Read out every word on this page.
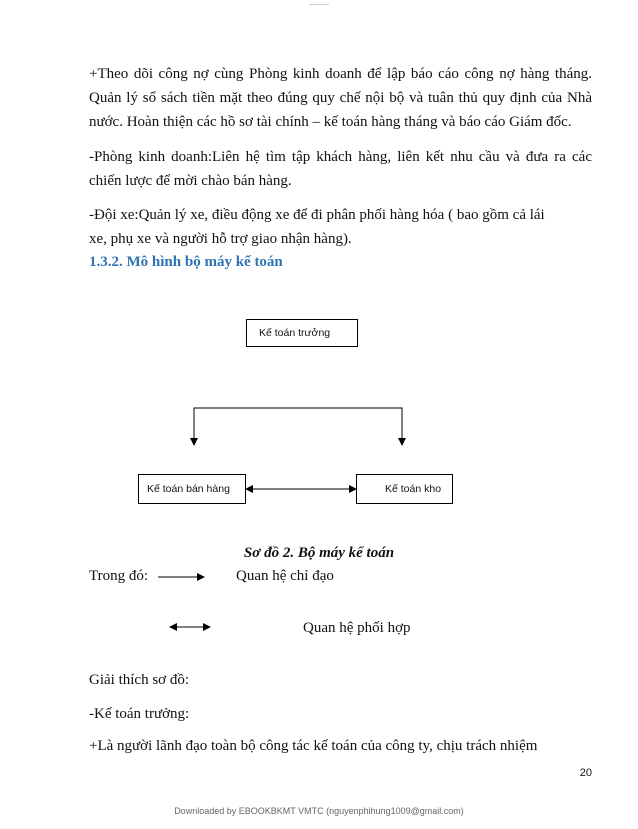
+Theo dõi công nợ cùng Phòng kinh doanh để lập báo cáo công nợ hàng tháng. Quản lý sổ sách tiền mặt theo đúng quy chế nội bộ và tuân thủ quy định của Nhà nước. Hoàn thiện các hồ sơ tài chính – kế toán hàng tháng và báo cáo Giám đốc.

-Phòng kinh doanh:Liên hệ tìm tập khách hàng, liên kết nhu cầu và đưa ra các chiến lược để mời chào bán hàng.

-Đội xe:Quản lý xe, điều động xe để đi phân phối hàng hóa ( bao gồm cả lái

xe, phụ xe và người hỗ trợ giao nhận hàng).

1.3.2. Mô hình bộ máy kế toán
Kế toán trưởng
Kế toán bán hàng	Kế toán kho
Sơ đồ 2. Bộ máy kế toán
Trong đó:	Quan hệ chỉ đạo
Quan hệ phối hợp
Giải thích sơ đồ:
-Kế toán trưởng:
+Là người lãnh đạo toàn bộ công tác kế toán của công ty, chịu trách nhiệm
20
Downloaded by EBOOKBKMT VMTC (nguyenphihung1009@gmail.com)
